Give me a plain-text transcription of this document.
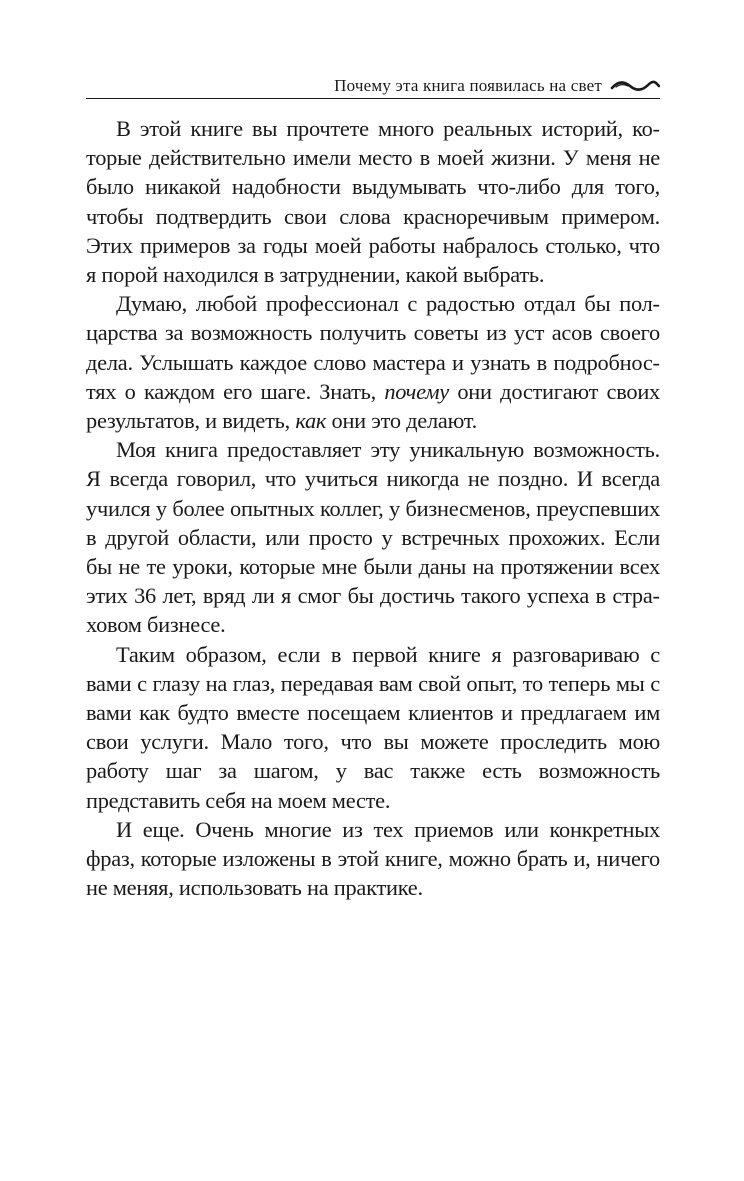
Почему эта книга появилась на свет

В этой книге вы прочтете много реальных историй, которые действительно имели место в моей жизни. У меня не было никакой надобности выдумывать что-либо для того, чтобы подтвердить свои слова красноречивым примером. Этих примеров за годы моей работы набралось столько, что я порой находился в затруднении, какой выбрать.

Думаю, любой профессионал с радостью отдал бы полцарства за возможность получить советы из уст асов своего дела. Услышать каждое слово мастера и узнать в подробностях о каждом его шаге. Знать, почему они достигают своих результатов, и видеть, как они это делают.

Моя книга предоставляет эту уникальную возможность. Я всегда говорил, что учиться никогда не поздно. И всегда учился у более опытных коллег, у бизнесменов, преуспевших в другой области, или просто у встречных прохожих. Если бы не те уроки, которые мне были даны на протяжении всех этих 36 лет, вряд ли я смог бы достичь такого успеха в страховом бизнесе.

Таким образом, если в первой книге я разговариваю с вами с глазу на глаз, передавая вам свой опыт, то теперь мы с вами как будто вместе посещаем клиентов и предлагаем им свои услуги. Мало того, что вы можете проследить мою работу шаг за шагом, у вас также есть возможность представить себя на моем месте.

И еще. Очень многие из тех приемов или конкретных фраз, которые изложены в этой книге, можно брать и, ничего не меняя, использовать на практике.
